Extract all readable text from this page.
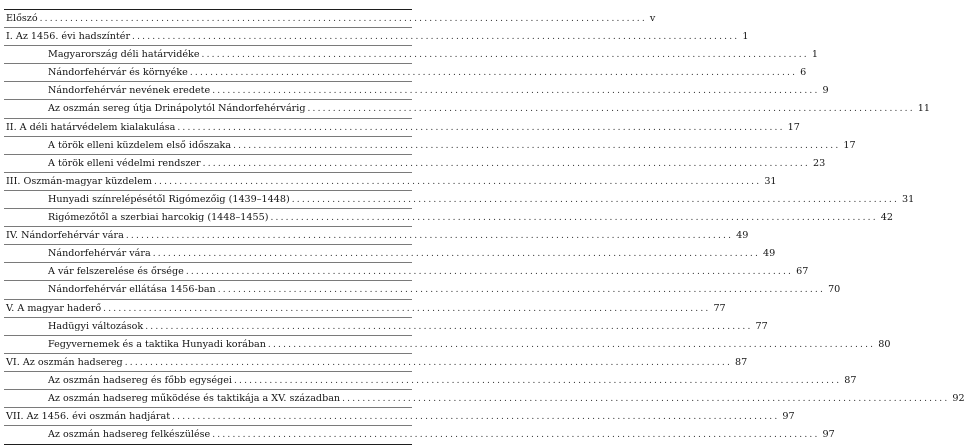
Előszó ........................................................................................................................ v
I. Az 1456. évi hadszíntér ........................................................................................................................ 1
Magyarország déli határvidéke ........................................................................................................................ 1
Nándorfehérvár és környéke ........................................................................................................................ 6
Nándorfehérvár nevének eredete ........................................................................................................................ 9
Az oszmán sereg útja Drinápolytól Nándorfehérvárig ........................................................................................................................ 11
II. A déli határvédelem kialakulása ........................................................................................................................ 17
A török elleni küzdelem első időszaka ........................................................................................................................ 17
A török elleni védelmi rendszer ........................................................................................................................ 23
III. Oszmán-magyar küzdelem ........................................................................................................................ 31
Hunyadi színrelépésétől Rigómezőig (1439–1448) ........................................................................................................................ 31
Rigómezőtől a szerbiai harcokig (1448–1455) ........................................................................................................................ 42
IV. Nándorfehérvár vára ........................................................................................................................ 49
Nándorfehérvár vára ........................................................................................................................ 49
A vár felszerelése és őrsége ........................................................................................................................ 67
Nándorfehérvár ellátása 1456-ban ........................................................................................................................ 70
V. A magyar haderő ........................................................................................................................ 77
Hadügyi változások ........................................................................................................................ 77
Fegyvernemek és a taktika Hunyadi korában ........................................................................................................................ 80
VI. Az oszmán hadsereg ........................................................................................................................ 87
Az oszmán hadsereg és főbb egységei ........................................................................................................................ 87
Az oszmán hadsereg működése és taktikája a XV. században ........................................................................................................................ 92
VII. Az 1456. évi oszmán hadjárat ........................................................................................................................ 97
Az oszmán hadsereg felkészülése ........................................................................................................................ 97
